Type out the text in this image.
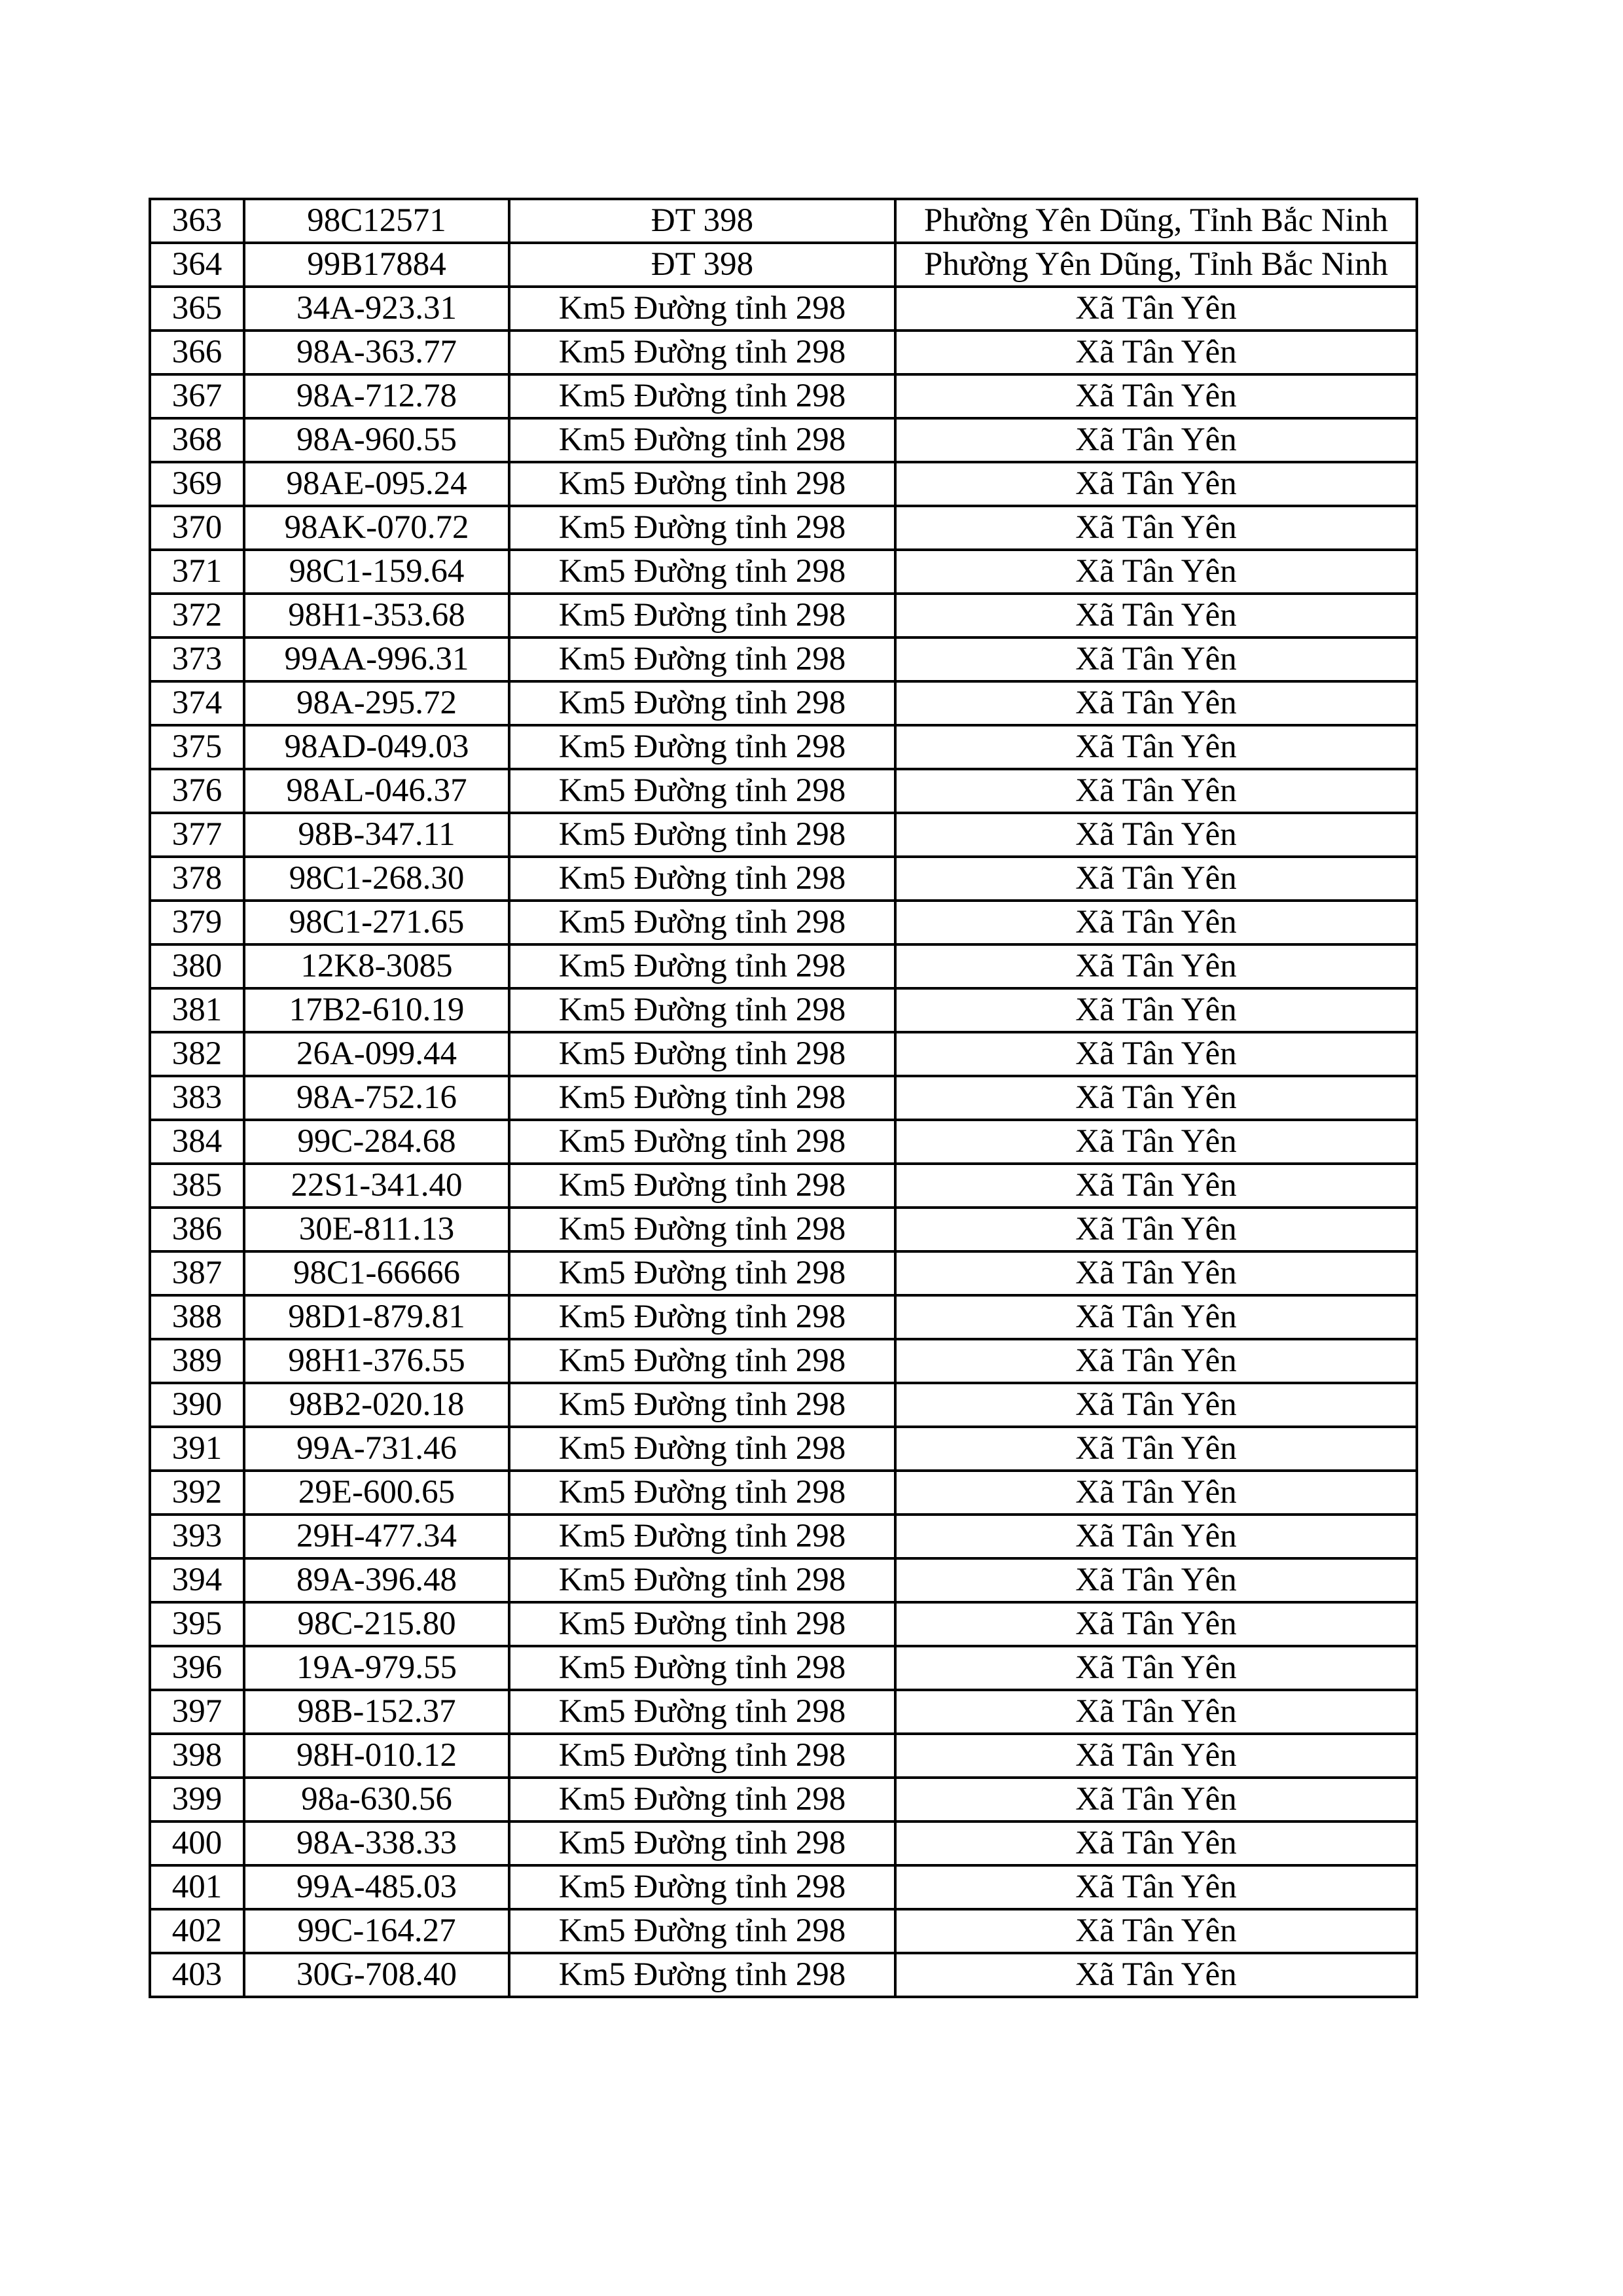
363	98C12571	ĐT 398	Phường Yên Dũng, Tỉnh Bắc Ninh
364	99B17884	ĐT 398	Phường Yên Dũng, Tỉnh Bắc Ninh
365	34A-923.31	Km5 Đường tỉnh 298	Xã Tân Yên
366	98A-363.77	Km5 Đường tỉnh 298	Xã Tân Yên
367	98A-712.78	Km5 Đường tỉnh 298	Xã Tân Yên
368	98A-960.55	Km5 Đường tỉnh 298	Xã Tân Yên
369	98AE-095.24	Km5 Đường tỉnh 298	Xã Tân Yên
370	98AK-070.72	Km5 Đường tỉnh 298	Xã Tân Yên
371	98C1-159.64	Km5 Đường tỉnh 298	Xã Tân Yên
372	98H1-353.68	Km5 Đường tỉnh 298	Xã Tân Yên
373	99AA-996.31	Km5 Đường tỉnh 298	Xã Tân Yên
374	98A-295.72	Km5 Đường tỉnh 298	Xã Tân Yên
375	98AD-049.03	Km5 Đường tỉnh 298	Xã Tân Yên
376	98AL-046.37	Km5 Đường tỉnh 298	Xã Tân Yên
377	98B-347.11	Km5 Đường tỉnh 298	Xã Tân Yên
378	98C1-268.30	Km5 Đường tỉnh 298	Xã Tân Yên
379	98C1-271.65	Km5 Đường tỉnh 298	Xã Tân Yên
380	12K8-3085	Km5 Đường tỉnh 298	Xã Tân Yên
381	17B2-610.19	Km5 Đường tỉnh 298	Xã Tân Yên
382	26A-099.44	Km5 Đường tỉnh 298	Xã Tân Yên
383	98A-752.16	Km5 Đường tỉnh 298	Xã Tân Yên
384	99C-284.68	Km5 Đường tỉnh 298	Xã Tân Yên
385	22S1-341.40	Km5 Đường tỉnh 298	Xã Tân Yên
386	30E-811.13	Km5 Đường tỉnh 298	Xã Tân Yên
387	98C1-66666	Km5 Đường tỉnh 298	Xã Tân Yên
388	98D1-879.81	Km5 Đường tỉnh 298	Xã Tân Yên
389	98H1-376.55	Km5 Đường tỉnh 298	Xã Tân Yên
390	98B2-020.18	Km5 Đường tỉnh 298	Xã Tân Yên
391	99A-731.46	Km5 Đường tỉnh 298	Xã Tân Yên
392	29E-600.65	Km5 Đường tỉnh 298	Xã Tân Yên
393	29H-477.34	Km5 Đường tỉnh 298	Xã Tân Yên
394	89A-396.48	Km5 Đường tỉnh 298	Xã Tân Yên
395	98C-215.80	Km5 Đường tỉnh 298	Xã Tân Yên
396	19A-979.55	Km5 Đường tỉnh 298	Xã Tân Yên
397	98B-152.37	Km5 Đường tỉnh 298	Xã Tân Yên
398	98H-010.12	Km5 Đường tỉnh 298	Xã Tân Yên
399	98a-630.56	Km5 Đường tỉnh 298	Xã Tân Yên
400	98A-338.33	Km5 Đường tỉnh 298	Xã Tân Yên
401	99A-485.03	Km5 Đường tỉnh 298	Xã Tân Yên
402	99C-164.27	Km5 Đường tỉnh 298	Xã Tân Yên
403	30G-708.40	Km5 Đường tỉnh 298	Xã Tân Yên
